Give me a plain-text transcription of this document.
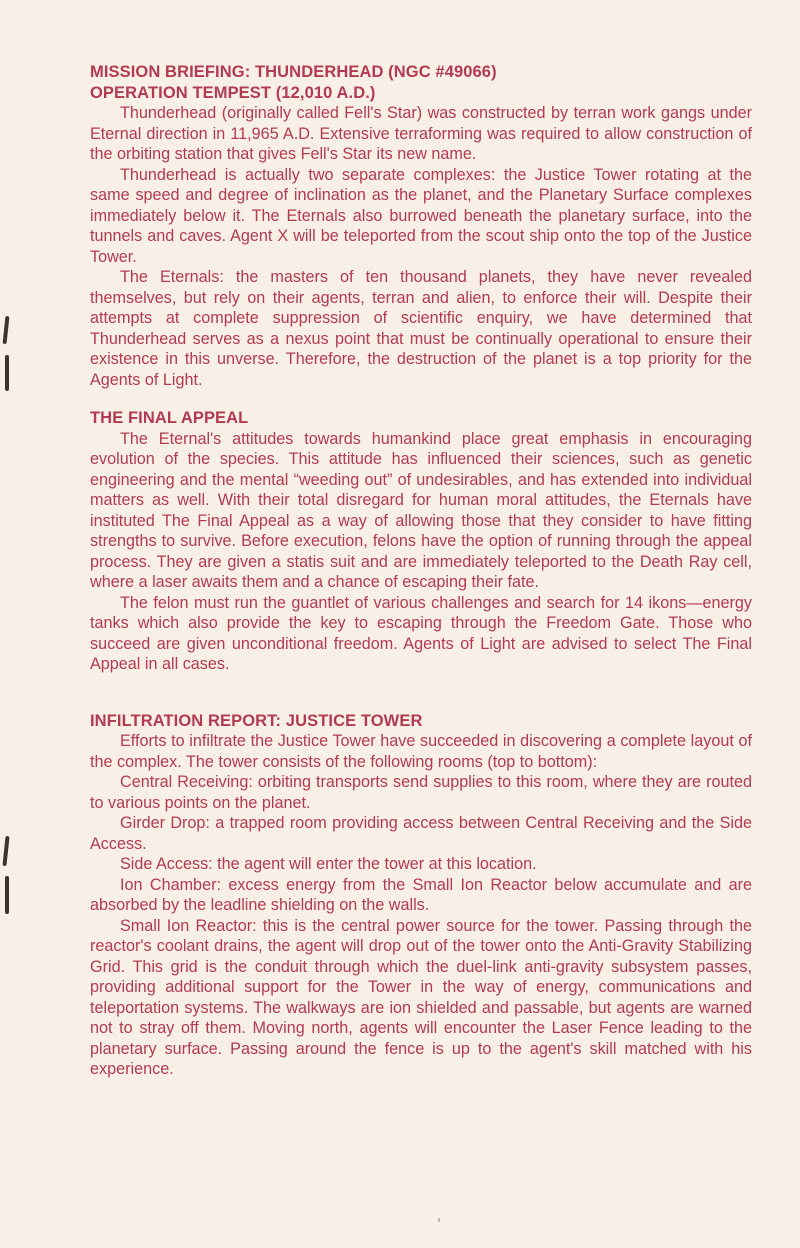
MISSION BRIEFING: THUNDERHEAD (NGC #49066)
OPERATION TEMPEST (12,010 A.D.)

Thunderhead (originally called Fell's Star) was constructed by terran work gangs under Eternal direction in 11,965 A.D. Extensive terraforming was required to allow construction of the orbiting station that gives Fell's Star its new name.

Thunderhead is actually two separate complexes: the Justice Tower rotating at the same speed and degree of inclination as the planet, and the Planetary Surface complexes immediately below it. The Eternals also burrowed beneath the planetary surface, into the tunnels and caves. Agent X will be teleported from the scout ship onto the top of the Justice Tower.

The Eternals: the masters of ten thousand planets, they have never revealed themselves, but rely on their agents, terran and alien, to enforce their will. Despite their attempts at complete suppression of scientific enquiry, we have determined that Thunderhead serves as a nexus point that must be continually operational to ensure their existence in this unverse. Therefore, the destruction of the planet is a top priority for the Agents of Light.

THE FINAL APPEAL

The Eternal's attitudes towards humankind place great emphasis in encouraging evolution of the species. This attitude has influenced their sciences, such as genetic engineering and the mental “weeding out” of undesirables, and has extended into individual matters as well. With their total disregard for human moral attitudes, the Eternals have instituted The Final Appeal as a way of allowing those that they consider to have fitting strengths to survive. Before execution, felons have the option of running through the appeal process. They are given a statis suit and are immediately teleported to the Death Ray cell, where a laser awaits them and a chance of escaping their fate.

The felon must run the guantlet of various challenges and search for 14 ikons—energy tanks which also provide the key to escaping through the Freedom Gate. Those who succeed are given unconditional freedom. Agents of Light are advised to select The Final Appeal in all cases.

INFILTRATION REPORT: JUSTICE TOWER

Efforts to infiltrate the Justice Tower have succeeded in discovering a complete layout of the complex. The tower consists of the following rooms (top to bottom):

Central Receiving: orbiting transports send supplies to this room, where they are routed to various points on the planet.

Girder Drop: a trapped room providing access between Central Receiving and the Side Access.

Side Access: the agent will enter the tower at this location.

Ion Chamber: excess energy from the Small Ion Reactor below accumulate and are absorbed by the leadline shielding on the walls.

Small Ion Reactor: this is the central power source for the tower. Passing through the reactor's coolant drains, the agent will drop out of the tower onto the Anti-Gravity Stabilizing Grid. This grid is the conduit through which the duel-link anti-gravity subsystem passes, providing additional support for the Tower in the way of energy, communications and teleportation systems. The walkways are ion shielded and passable, but agents are warned not to stray off them. Moving north, agents will encounter the Laser Fence leading to the planetary surface. Passing around the fence is up to the agent's skill matched with his experience.
